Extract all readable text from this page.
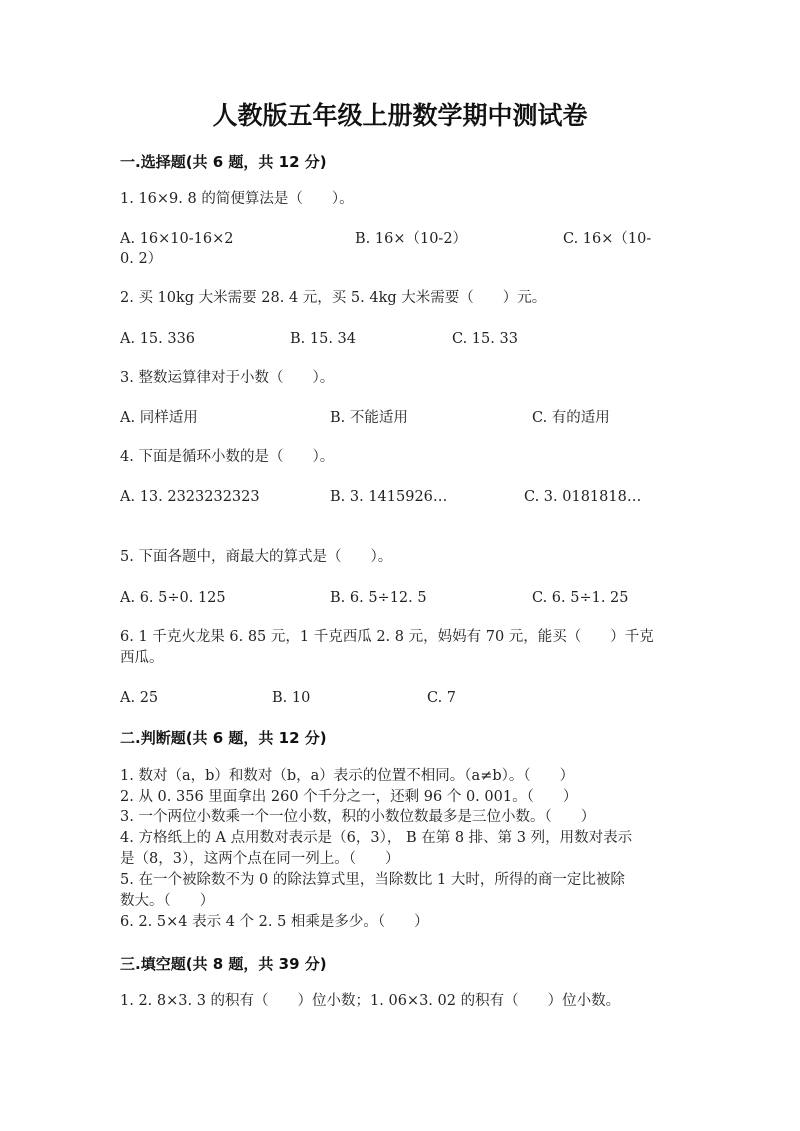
人教版五年级上册数学期中测试卷
一.选择题(共 6 题，共 12 分)
1. 16×9. 8 的简便算法是（　　）。
A. 16×10-16×2	B. 16×（10-2）	C. 16×（10-
0. 2）
2. 买 10kg 大米需要 28. 4 元，买 5. 4kg 大米需要（　　）元。
A. 15. 336	B. 15. 34	C. 15. 33
3. 整数运算律对于小数（　　）。
A. 同样适用	B. 不能适用	C. 有的适用
4. 下面是循环小数的是（　　）。
A. 13. 2323232323	B. 3. 1415926…	C. 3. 0181818…
5. 下面各题中，商最大的算式是（　　）。
A. 6. 5÷0. 125	B. 6. 5÷12. 5	C. 6. 5÷1. 25
6. 1 千克火龙果 6. 85 元，1 千克西瓜 2. 8 元，妈妈有 70 元，能买（　　）千克
西瓜。
A. 25	B. 10	C. 7
二.判断题(共 6 题，共 12 分)
1. 数对（a，b）和数对（b，a）表示的位置不相同。（a≠b）。（　　）
2. 从 0. 356 里面拿出 260 个千分之一，还剩 96 个 0. 001。（　　）
3. 一个两位小数乘一个一位小数，积的小数位数最多是三位小数。（　　）
4. 方格纸上的 A 点用数对表示是（6，3）， B 在第 8 排、第 3 列，用数对表示
是（8，3），这两个点在同一列上。（　　）
5. 在一个被除数不为 0 的除法算式里，当除数比 1 大时，所得的商一定比被除
数大。（　　）
6. 2. 5×4 表示 4 个 2. 5 相乘是多少。（　　）
三.填空题(共 8 题，共 39 分)
1. 2. 8×3. 3 的积有（　　）位小数；1. 06×3. 02 的积有（　　）位小数。
